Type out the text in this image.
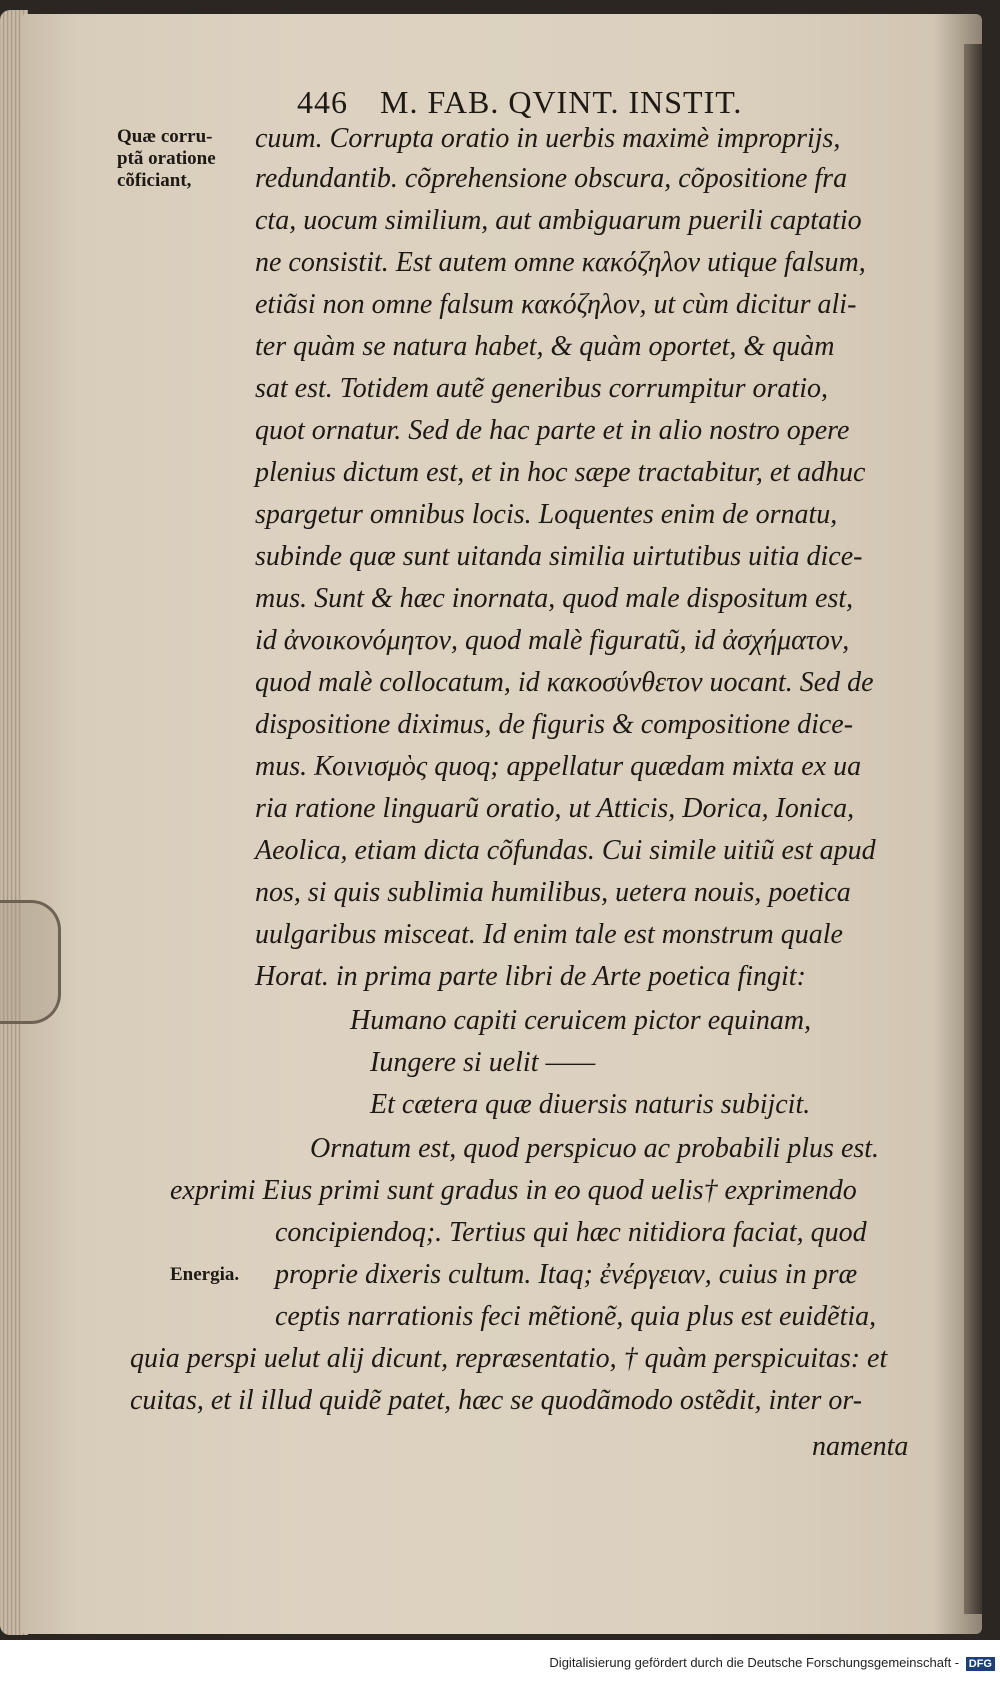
446 M. FAB. QVINT. INSTIT.
Quæ corru-
ptã oratione
cõficiant,
cuum. Corrupta oratio in uerbis maximè improprijs,
redundantib. cõprehensione obscura, cõpositione fra
cta, uocum similium, aut ambiguarum puerili captatio
ne consistit. Est autem omne κακόζηλον utique falsum,
etiãsi non omne falsum κακόζηλον, ut cùm dicitur ali-
ter quàm se natura habet, & quàm oportet, & quàm
sat est. Totidem autẽ generibus corrumpitur oratio,
quot ornatur. Sed de hac parte et in alio nostro opere
plenius dictum est, et in hoc sæpe tractabitur, et adhuc
spargetur omnibus locis. Loquentes enim de ornatu,
subinde quæ sunt uitanda similia uirtutibus uitia dice-
mus. Sunt & hæc inornata, quod male dispositum est,
id ἀνοικονόμητον, quod malè figuratũ, id ἀσχήματον,
quod malè collocatum, id κακοσύνθετον uocant. Sed de
dispositione diximus, de figuris & compositione dice-
mus. Κοινισμὸς quoq; appellatur quædam mixta ex ua
ria ratione linguarũ oratio, ut Atticis, Dorica, Ionica,
Aeolica, etiam dicta cõfundas. Cui simile uitiũ est apud
nos, si quis sublimia humilibus, uetera nouis, poetica
uulgaribus misceat. Id enim tale est monstrum quale
Horat. in prima parte libri de Arte poetica fingit:
Humano capiti ceruicem pictor equinam,
Iungere si uelit ——
Et cætera quæ diuersis naturis subijcit.
Ornatum est, quod perspicuo ac probabili plus est.
exprimi Eius primi sunt gradus in eo quod uelis† exprimendo
concipiendoq;. Tertius qui hæc nitidiora faciat, quod
Energia. proprie dixeris cultum. Itaq; ἐνέργειαν, cuius in præ
ceptis narrationis feci mẽtionẽ, quia plus est euidẽtia,
quia perspi uelut alij dicunt, repræsentatio, † quàm perspicuitas: et
cuitas, et il illud quidẽ patet, hæc se quodãmodo ostẽdit, inter or-
namenta
Digitalisierung gefördert durch die Deutsche Forschungsgemeinschaft - DFG
